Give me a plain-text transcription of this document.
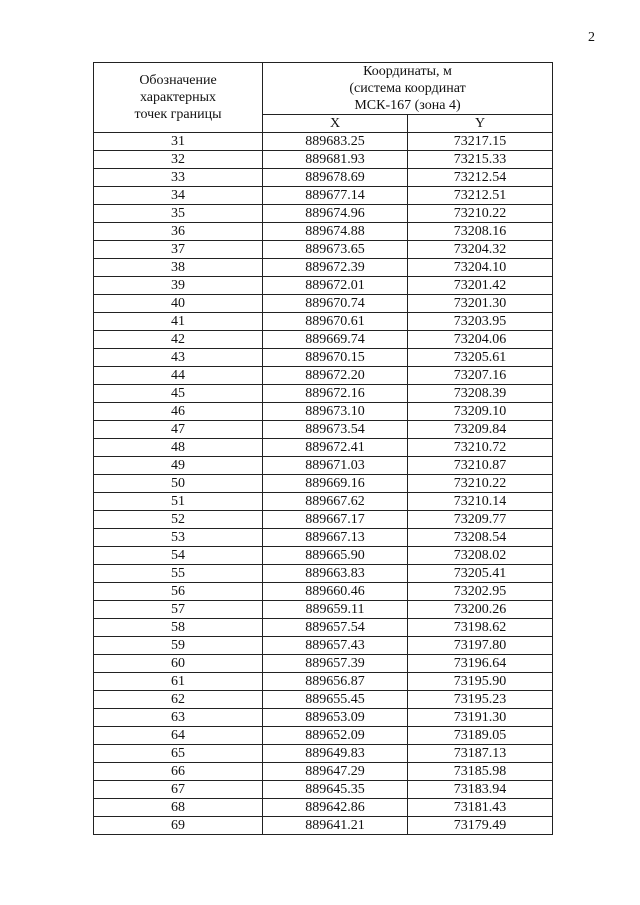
2
Обозначение
характерных
точек границы	Координаты, м
(система координат
МСК-167 (зона 4)	

	X	Y
31	889683.25	73217.15
32	889681.93	73215.33
33	889678.69	73212.54
34	889677.14	73212.51
35	889674.96	73210.22
36	889674.88	73208.16
37	889673.65	73204.32
38	889672.39	73204.10
39	889672.01	73201.42
40	889670.74	73201.30
41	889670.61	73203.95
42	889669.74	73204.06
43	889670.15	73205.61
44	889672.20	73207.16
45	889672.16	73208.39
46	889673.10	73209.10
47	889673.54	73209.84
48	889672.41	73210.72
49	889671.03	73210.87
50	889669.16	73210.22
51	889667.62	73210.14
52	889667.17	73209.77
53	889667.13	73208.54
54	889665.90	73208.02
55	889663.83	73205.41
56	889660.46	73202.95
57	889659.11	73200.26
58	889657.54	73198.62
59	889657.43	73197.80
60	889657.39	73196.64
61	889656.87	73195.90
62	889655.45	73195.23
63	889653.09	73191.30
64	889652.09	73189.05
65	889649.83	73187.13
66	889647.29	73185.98
67	889645.35	73183.94
68	889642.86	73181.43
69	889641.21	73179.49
